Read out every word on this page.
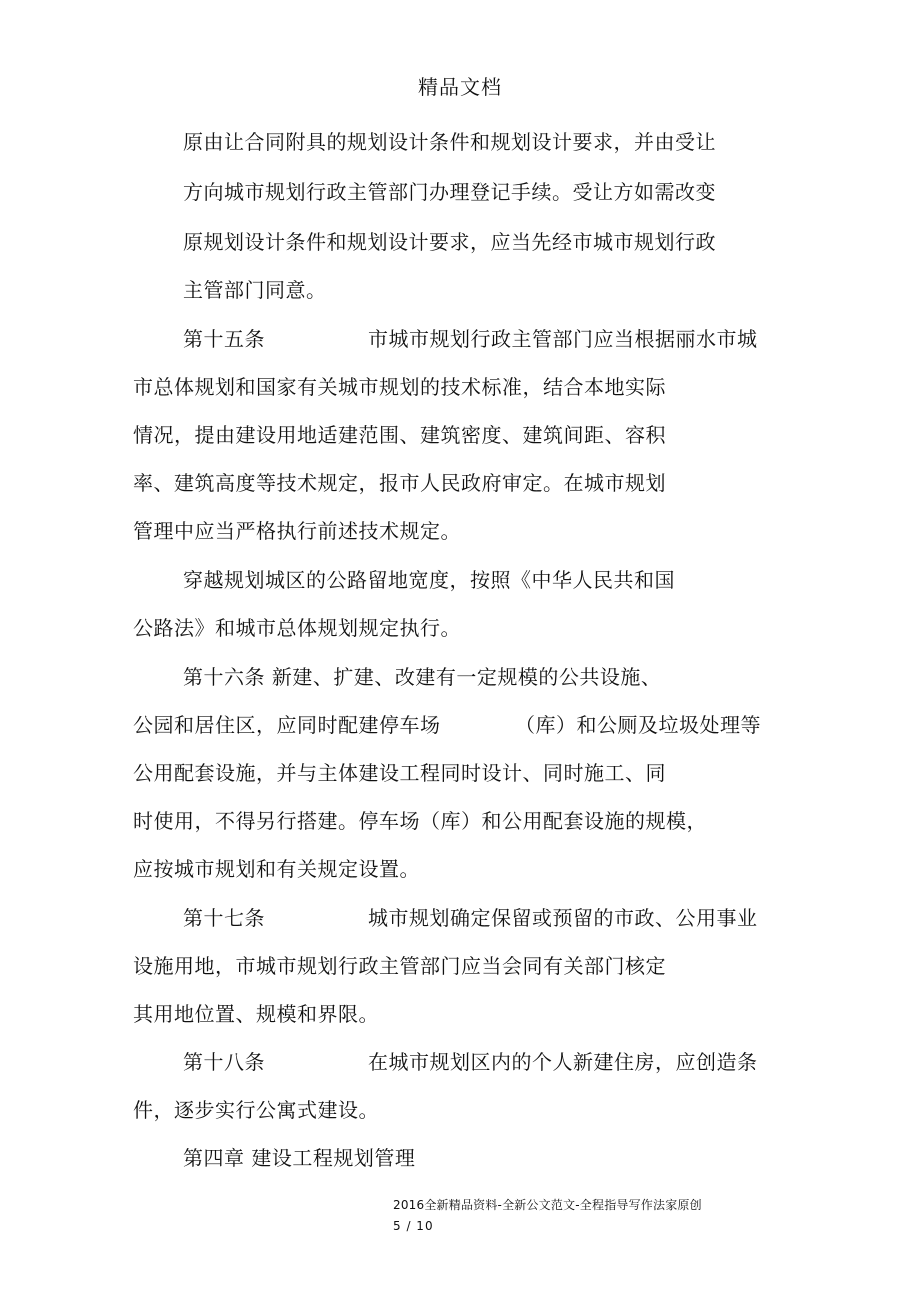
精品文档
原由让合同附具的规划设计条件和规划设计要求，并由受让
方向城市规划行政主管部门办理登记手续。受让方如需改变
原规划设计条件和规划设计要求，应当先经市城市规划行政
主管部门同意。
第十五条	市城市规划行政主管部门应当根据丽水市城
市总体规划和国家有关城市规划的技术标准，结合本地实际
情况，提由建设用地适建范围、建筑密度、建筑间距、容积
率、建筑高度等技术规定，报市人民政府审定。在城市规划
管理中应当严格执行前述技术规定。
穿越规划城区的公路留地宽度，按照《中华人民共和国
公路法》和城市总体规划规定执行。
第十六条 新建、扩建、改建有一定规模的公共设施、
公园和居住区，应同时配建停车场	（库）和公厕及垃圾处理等
公用配套设施，并与主体建设工程同时设计、同时施工、同
时使用，不得另行搭建。停车场（库）和公用配套设施的规模，
应按城市规划和有关规定设置。
第十七条	城市规划确定保留或预留的市政、公用事业
设施用地，市城市规划行政主管部门应当会同有关部门核定
其用地位置、规模和界限。
第十八条	在城市规划区内的个人新建住房，应创造条
件，逐步实行公寓式建设。
第四章 建设工程规划管理
2016全新精品资料-全新公文范文-全程指导写作法家原创
5 / 10
